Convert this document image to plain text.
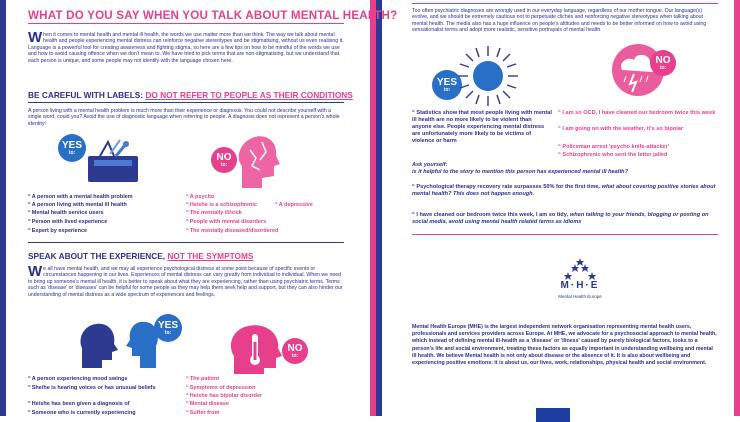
WHAT DO YOU SAY WHEN YOU TALK ABOUT MENTAL HEALTH?
W hen it comes to mental health and mental ill health, the words we use matter more than we think. The way we talk about mental health and people experiencing mental distress can reinforce negative stereotypes and be stigmatising, without us even realising it. Language is a powerful tool for creating awareness and fighting stigma, so here are a few tips on how to be mindful of the words we use and how to avoid causing offence when we don't mean to. We have tried to pick terms that are non-stigmatising, but we understand that each person is unique, and some people may not identify with the language chosen here.
BE CAREFUL WITH LABELS: DO NOT REFER TO PEOPLE AS THEIR CONDITIONS
A person living with a mental health problem is much more than their experience or diagnosis. You could not describe yourself with a single word, could you? Avoid the use of diagnostic language when referring to people. A diagnosis does not represent a person's whole identity!
YES
to:	NO
to:
“A person with a mental health problem
“A person living with mental ill health
“Mental health service users
“Person with lived experience
“Expert by experience
“A psycho
“He/she is a schizophrenic	“A depressive
“The mentally ill/sick
“People with mental disorders
“The mentally diseased/disordered
SPEAK ABOUT THE EXPERIENCE, NOT THE SYMPTOMS
W e all have mental health, and we may all experience psychological distress at some point because of specific events or circumstances happening in our lives. Experiences of mental distress can vary greatly from individual to individual. When we need to bring up someone's mental ill health, it is better to speak about what they are experiencing, rather than using psychiatric terms. Terms such as 'disease' or 'diseases' can be helpful for some people as they may help them seek help and support, but they can also hinder our understanding of mental distress as a wide spectrum of experiences and feelings.
YES
to:
NO
to:
“A person experiencing mood swings
“She/he is hearing voices or has unusual beliefs
“He/she has been given a diagnosis of
“Someone who is currently experiencing
“The patient
“Symptoms of depression
“He/she has bipolar disorder
“Mental disease
“Suffer from
Too often psychiatric diagnoses are wrongly used in our everyday language, regardless of our mother tongue. Our language(s) evolve, and we should be extremely cautious not to perpetuate clichés and reinforcing negative stereotypes when talking about mental health. The media also has a huge influence on people's attitudes and needs to be better informed on how to avoid using sensationalist terms and adopt more realistic, sensitive portrayals of mental health.
YES
to:
NO
to:
“ Statistics show that most people living with mental ill health are no more likely to be violent than anyone else. People experiencing mental distress are unfortunately more likely to be victims of violence or harm
“ I am so OCD, I have cleaned our bedroom twice this week
“ I am going on with the weather, it's so bipolar
“ Policeman arrest 'psycho knife-attacker'
“ Schizophrenic who sent the letter jailed
Ask yourself:
is it helpful to the story to mention this person has experienced mental ill health?
“ Psychological therapy recovery rate surpasses 50% for the first time, what about covering positive stories about mental health? This does not happen enough.
“ I have cleaned our bedroom twice this week, I am so tidy, when talking to your friends, blogging or posting on social media, avoid using mental health related terms as idioms
M·H·E
Mental Health Europe
Mental Health Europe (MHE) is the largest independent network organisation representing mental health users, professionals and services providers across Europe. At MHE, we advocate for a psychosocial approach to mental health, which instead of defining mental ill-health as a 'disease' or 'illness' caused by purely biological factors, looks to a person's life and social environment, treating these factors as equally important in understanding wellbeing and mental ill health. We believe Mental health is not only about disease or the absence of it. It is also about wellbeing and experiencing positive emotions: it is about us, our lives, work, relationships, physical health and social environment.
